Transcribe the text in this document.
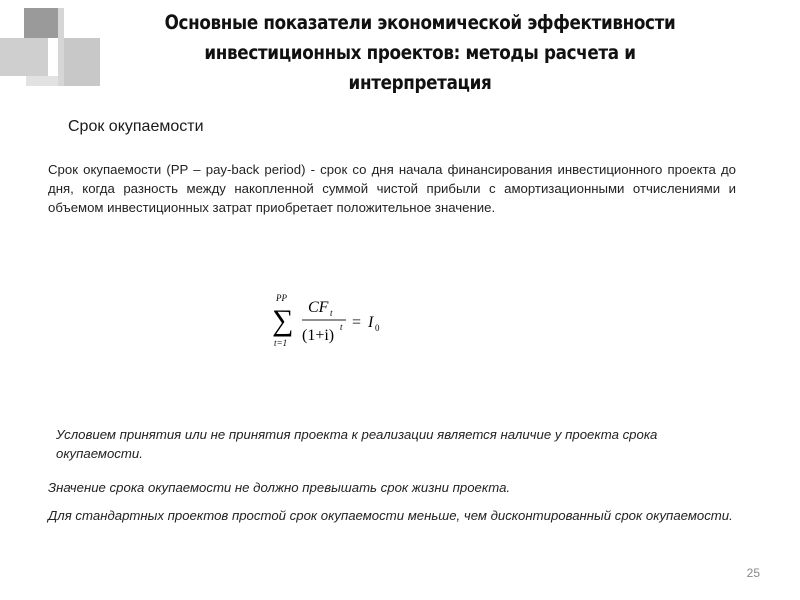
Основные показатели экономической эффективности инвестиционных проектов: методы расчета и интерпретация
Срок окупаемости
Срок окупаемости (PP – pay-back period) - срок со дня начала финансирования инвестиционного проекта до дня, когда разность между накопленной суммой чистой прибыли с амортизационными отчислениями и объемом инвестиционных затрат приобретает положительное значение.
PP
∑
t=1
CF t
(1+i) t = I 0
Условием принятия или не принятия проекта к реализации является наличие у проекта срока окупаемости.
Значение срока окупаемости не должно превышать срок жизни проекта.
Для стандартных проектов простой срок окупаемости меньше, чем дисконтированный срок окупаемости.
25
